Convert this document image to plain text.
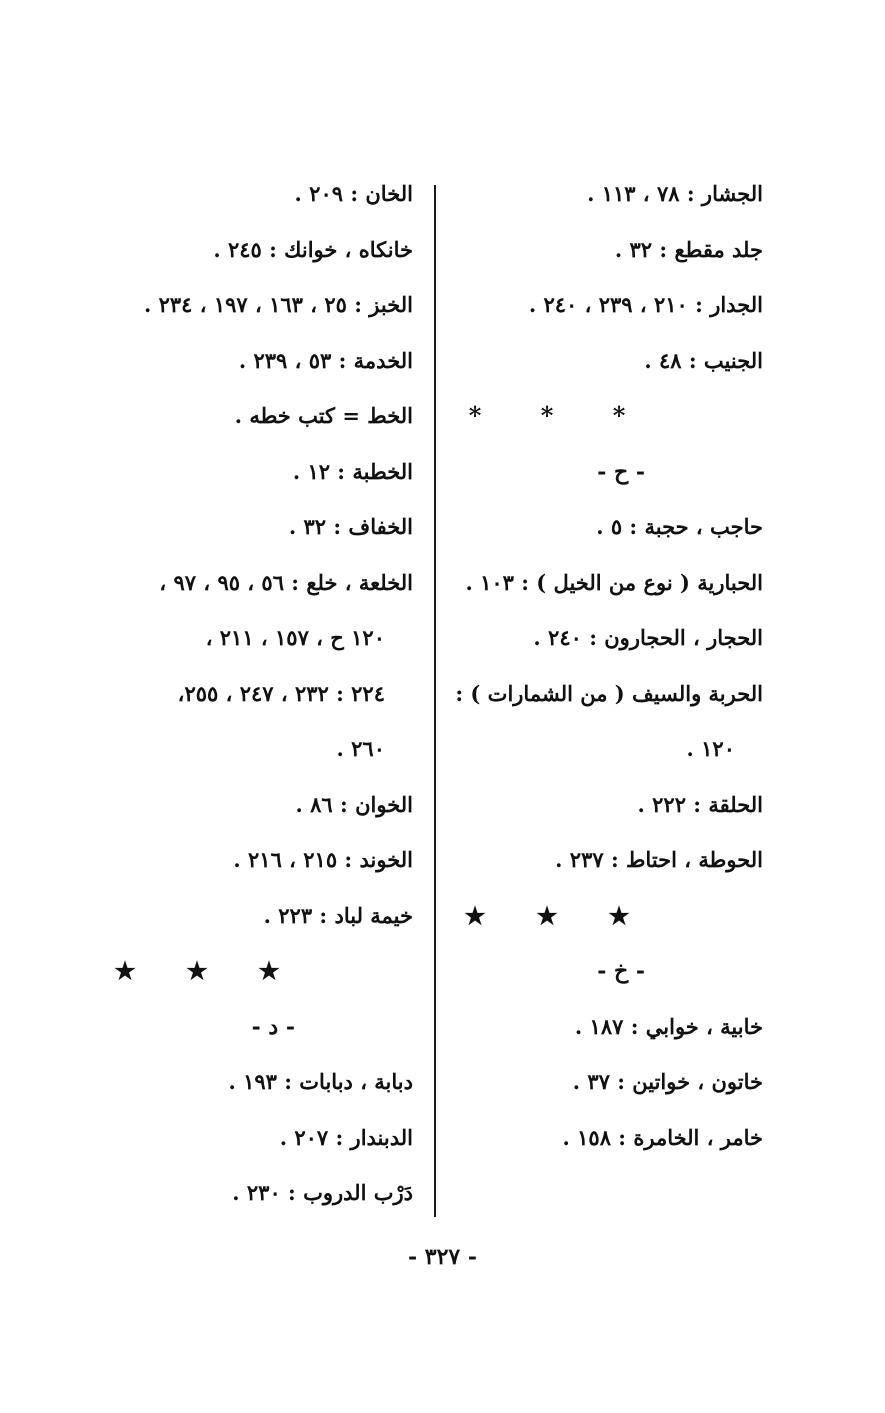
الجشار : ٧٨ ، ١١٣ .
جلد مقطع : ٣٢ .
الجدار : ٢١٠ ، ٢٣٩ ، ٢٤٠ .
الجنيب : ٤٨ .
* * *
- ح -
حاجب ، حجبة : ٥ .
الحبارية ( نوع من الخيل ) : ١٠٣ .
الحجار ، الحجارون : ٢٤٠ .
الحربة والسيف ( من الشمارات ) :
١٢٠ .
الحلقة : ٢٢٢ .
الحوطة ، احتاط : ٢٣٧ .
★ ★ ★
- خ -
خابية ، خوابي : ١٨٧ .
خاتون ، خواتين : ٣٧ .
خامر ، الخامرة : ١٥٨ .
الخان : ٢٠٩ .
خانكاه ، خوانك : ٢٤٥ .
الخبز : ٢٥ ، ١٦٣ ، ١٩٧ ، ٢٣٤ .
الخدمة : ٥٣ ، ٢٣٩ .
الخط = كتب خطه .
الخطبة : ١٢ .
الخفاف : ٣٢ .
الخلعة ، خلع : ٥٦ ، ٩٥ ، ٩٧ ،
١٢٠ ح ، ١٥٧ ، ٢١١ ،
٢٢٤ : ٢٣٢ ، ٢٤٧ ، ٢٥٥،
٢٦٠ .
الخوان : ٨٦ .
الخوند : ٢١٥ ، ٢١٦ .
خيمة لباد : ٢٢٣ .
★ ★ ★
- د -
دبابة ، دبابات : ١٩٣ .
الدبندار : ٢٠٧ .
دَرْب الدروب : ٢٣٠ .
- ٣٢٧ -
